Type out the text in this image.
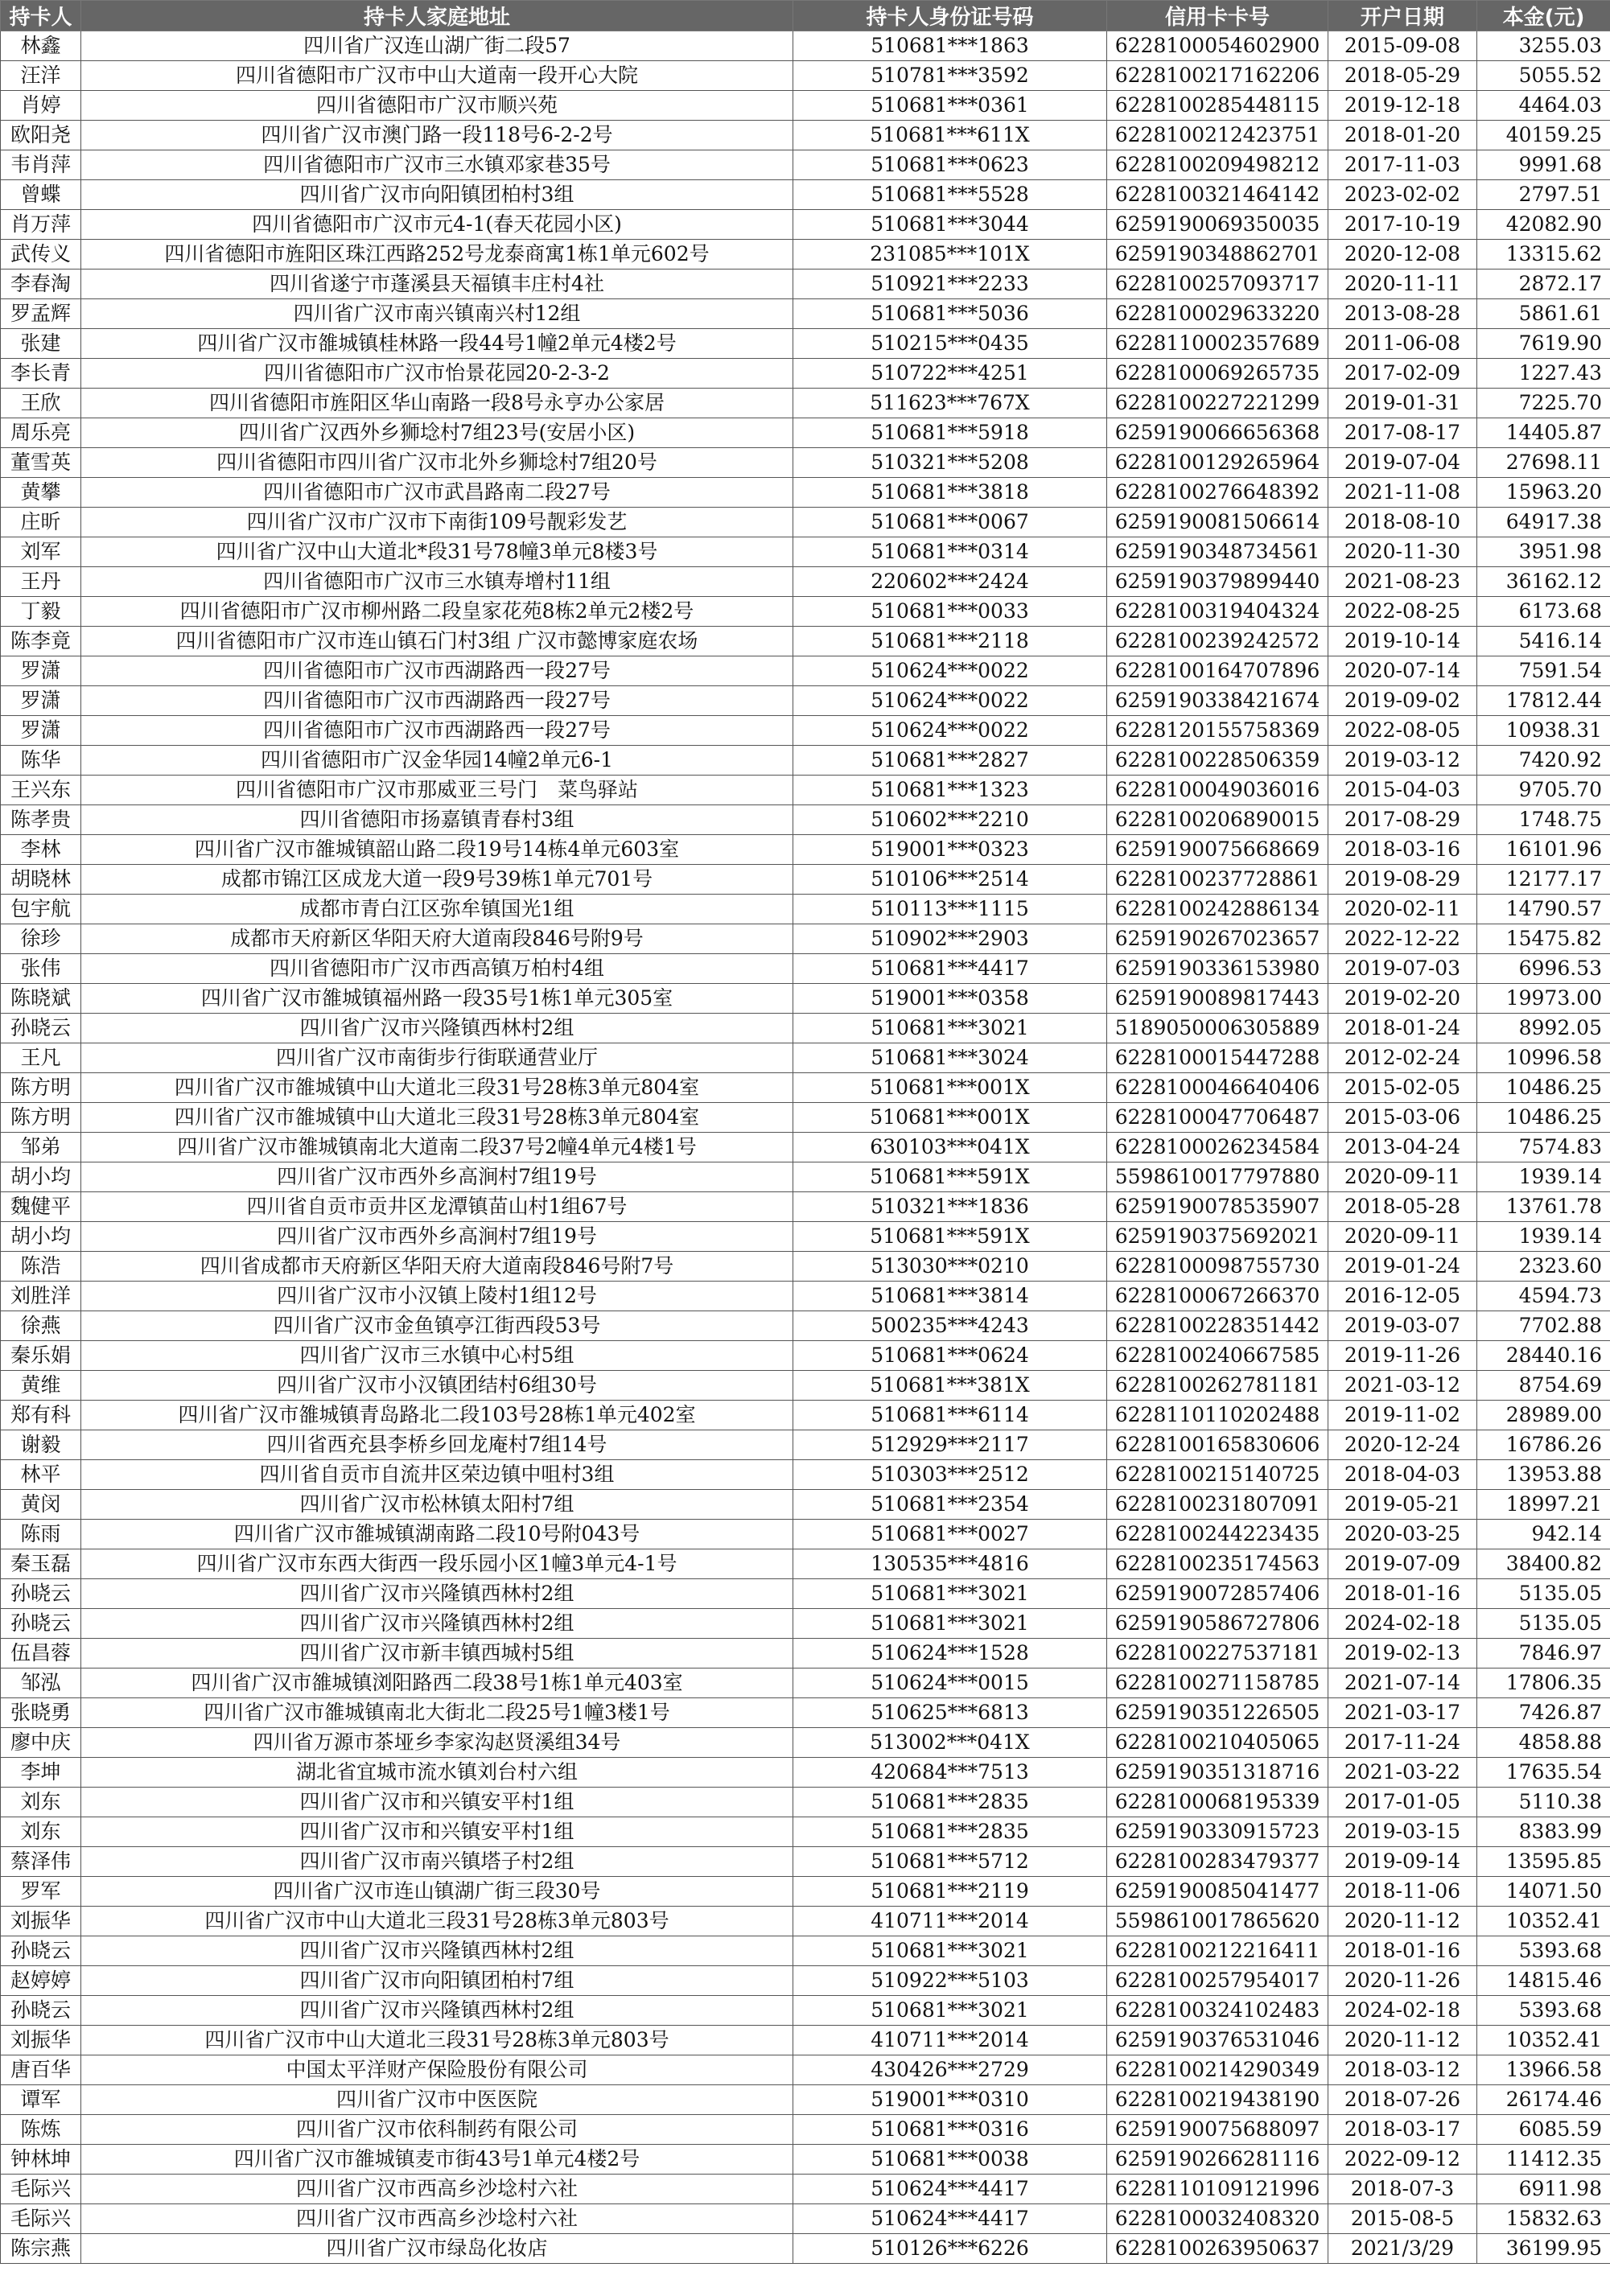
持卡人	持卡人家庭地址	持卡人身份证号码	信用卡卡号	开户日期	本金(元)
林鑫	四川省广汉连山湖广街二段57	510681***1863	6228100054602900	2015-09-08	3255.03
汪洋	四川省德阳市广汉市中山大道南一段开心大院	510781***3592	6228100217162206	2018-05-29	5055.52
肖婷	四川省德阳市广汉市顺兴苑	510681***0361	6228100285448115	2019-12-18	4464.03
欧阳尧	四川省广汉市澳门路一段118号6-2-2号	510681***611X	6228100212423751	2018-01-20	40159.25
韦肖萍	四川省德阳市广汉市三水镇邓家巷35号	510681***0623	6228100209498212	2017-11-03	9991.68
曾蝶	四川省广汉市向阳镇团柏村3组	510681***5528	6228100321464142	2023-02-02	2797.51
肖万萍	四川省德阳市广汉市元4-1(春天花园小区)	510681***3044	6259190069350035	2017-10-19	42082.90
武传义	四川省德阳市旌阳区珠江西路252号龙泰商寓1栋1单元602号	231085***101X	6259190348862701	2020-12-08	13315.62
李春淘	四川省遂宁市蓬溪县天福镇丰庄村4社	510921***2233	6228100257093717	2020-11-11	2872.17
罗孟辉	四川省广汉市南兴镇南兴村12组	510681***5036	6228100029633220	2013-08-28	5861.61
张建	四川省广汉市雒城镇桂林路一段44号1幢2单元4楼2号	510215***0435	6228110002357689	2011-06-08	7619.90
李长青	四川省德阳市广汉市怡景花园20-2-3-2	510722***4251	6228100069265735	2017-02-09	1227.43
王欣	四川省德阳市旌阳区华山南路一段8号永亨办公家居	511623***767X	6228100227221299	2019-01-31	7225.70
周乐亮	四川省广汉西外乡狮埝村7组23号(安居小区)	510681***5918	6259190066656368	2017-08-17	14405.87
董雪英	四川省德阳市四川省广汉市北外乡狮埝村7组20号	510321***5208	6228100129265964	2019-07-04	27698.11
黄攀	四川省德阳市广汉市武昌路南二段27号	510681***3818	6228100276648392	2021-11-08	15963.20
庄昕	四川省广汉市广汉市下南街109号靓彩发艺	510681***0067	6259190081506614	2018-08-10	64917.38
刘军	四川省广汉中山大道北*段31号78幢3单元8楼3号	510681***0314	6259190348734561	2020-11-30	3951.98
王丹	四川省德阳市广汉市三水镇寿增村11组	220602***2424	6259190379899440	2021-08-23	36162.12
丁毅	四川省德阳市广汉市柳州路二段皇家花苑8栋2单元2楼2号	510681***0033	6228100319404324	2022-08-25	6173.68
陈李竟	四川省德阳市广汉市连山镇石门村3组 广汉市懿博家庭农场	510681***2118	6228100239242572	2019-10-14	5416.14
罗潇	四川省德阳市广汉市西湖路西一段27号	510624***0022	6228100164707896	2020-07-14	7591.54
罗潇	四川省德阳市广汉市西湖路西一段27号	510624***0022	6259190338421674	2019-09-02	17812.44
罗潇	四川省德阳市广汉市西湖路西一段27号	510624***0022	6228120155758369	2022-08-05	10938.31
陈华	四川省德阳市广汉金华园14幢2单元6-1	510681***2827	6228100228506359	2019-03-12	7420.92
王兴东	四川省德阳市广汉市那威亚三号门　菜鸟驿站	510681***1323	6228100049036016	2015-04-03	9705.70
陈孝贵	四川省德阳市扬嘉镇青春村3组	510602***2210	6228100206890015	2017-08-29	1748.75
李林	四川省广汉市雒城镇韶山路二段19号14栋4单元603室	519001***0323	6259190075668669	2018-03-16	16101.96
胡晓林	成都市锦江区成龙大道一段9号39栋1单元701号	510106***2514	6228100237728861	2019-08-29	12177.17
包宇航	成都市青白江区弥牟镇国光1组	510113***1115	6228100242886134	2020-02-11	14790.57
徐珍	成都市天府新区华阳天府大道南段846号附9号	510902***2903	6259190267023657	2022-12-22	15475.82
张伟	四川省德阳市广汉市西高镇万柏村4组	510681***4417	6259190336153980	2019-07-03	6996.53
陈晓斌	四川省广汉市雒城镇福州路一段35号1栋1单元305室	519001***0358	6259190089817443	2019-02-20	19973.00
孙晓云	四川省广汉市兴隆镇西林村2组	510681***3021	5189050006305889	2018-01-24	8992.05
王凡	四川省广汉市南街步行街联通营业厅	510681***3024	6228100015447288	2012-02-24	10996.58
陈方明	四川省广汉市雒城镇中山大道北三段31号28栋3单元804室	510681***001X	6228100046640406	2015-02-05	10486.25
陈方明	四川省广汉市雒城镇中山大道北三段31号28栋3单元804室	510681***001X	6228100047706487	2015-03-06	10486.25
邹弟	四川省广汉市雒城镇南北大道南二段37号2幢4单元4楼1号	630103***041X	6228100026234584	2013-04-24	7574.83
胡小均	四川省广汉市西外乡高涧村7组19号	510681***591X	5598610017797880	2020-09-11	1939.14
魏健平	四川省自贡市贡井区龙潭镇苗山村1组67号	510321***1836	6259190078535907	2018-05-28	13761.78
胡小均	四川省广汉市西外乡高涧村7组19号	510681***591X	6259190375692021	2020-09-11	1939.14
陈浩	四川省成都市天府新区华阳天府大道南段846号附7号	513030***0210	6228100098755730	2019-01-24	2323.60
刘胜洋	四川省广汉市小汉镇上陵村1组12号	510681***3814	6228100067266370	2016-12-05	4594.73
徐燕	四川省广汉市金鱼镇亭江街西段53号	500235***4243	6228100228351442	2019-03-07	7702.88
秦乐娟	四川省广汉市三水镇中心村5组	510681***0624	6228100240667585	2019-11-26	28440.16
黄维	四川省广汉市小汉镇团结村6组30号	510681***381X	6228100262781181	2021-03-12	8754.69
郑有科	四川省广汉市雒城镇青岛路北二段103号28栋1单元402室	510681***6114	6228110110202488	2019-11-02	28989.00
谢毅	四川省西充县李桥乡回龙庵村7组14号	512929***2117	6228100165830606	2020-12-24	16786.26
林平	四川省自贡市自流井区荣边镇中咀村3组	510303***2512	6228100215140725	2018-04-03	13953.88
黄闵	四川省广汉市松林镇太阳村7组	510681***2354	6228100231807091	2019-05-21	18997.21
陈雨	四川省广汉市雒城镇湖南路二段10号附043号	510681***0027	6228100244223435	2020-03-25	942.14
秦玉磊	四川省广汉市东西大街西一段乐园小区1幢3单元4-1号	130535***4816	6228100235174563	2019-07-09	38400.82
孙晓云	四川省广汉市兴隆镇西林村2组	510681***3021	6259190072857406	2018-01-16	5135.05
孙晓云	四川省广汉市兴隆镇西林村2组	510681***3021	6259190586727806	2024-02-18	5135.05
伍昌蓉	四川省广汉市新丰镇西城村5组	510624***1528	6228100227537181	2019-02-13	7846.97
邹泓	四川省广汉市雒城镇浏阳路西二段38号1栋1单元403室	510624***0015	6228100271158785	2021-07-14	17806.35
张晓勇	四川省广汉市雒城镇南北大街北二段25号1幢3楼1号	510625***6813	6259190351226505	2021-03-17	7426.87
廖中庆	四川省万源市茶垭乡李家沟赵贤溪组34号	513002***041X	6228100210405065	2017-11-24	4858.88
李坤	湖北省宜城市流水镇刘台村六组	420684***7513	6259190351318716	2021-03-22	17635.54
刘东	四川省广汉市和兴镇安平村1组	510681***2835	6228100068195339	2017-01-05	5110.38
刘东	四川省广汉市和兴镇安平村1组	510681***2835	6259190330915723	2019-03-15	8383.99
蔡泽伟	四川省广汉市南兴镇塔子村2组	510681***5712	6228100283479377	2019-09-14	13595.85
罗军	四川省广汉市连山镇湖广街三段30号	510681***2119	6259190085041477	2018-11-06	14071.50
刘振华	四川省广汉市中山大道北三段31号28栋3单元803号	410711***2014	5598610017865620	2020-11-12	10352.41
孙晓云	四川省广汉市兴隆镇西林村2组	510681***3021	6228100212216411	2018-01-16	5393.68
赵婷婷	四川省广汉市向阳镇团柏村7组	510922***5103	6228100257954017	2020-11-26	14815.46
孙晓云	四川省广汉市兴隆镇西林村2组	510681***3021	6228100324102483	2024-02-18	5393.68
刘振华	四川省广汉市中山大道北三段31号28栋3单元803号	410711***2014	6259190376531046	2020-11-12	10352.41
唐百华	中国太平洋财产保险股份有限公司	430426***2729	6228100214290349	2018-03-12	13966.58
谭军	四川省广汉市中医医院	519001***0310	6228100219438190	2018-07-26	26174.46
陈炼	四川省广汉市依科制药有限公司	510681***0316	6259190075688097	2018-03-17	6085.59
钟林坤	四川省广汉市雒城镇麦市街43号1单元4楼2号	510681***0038	6259190266281116	2022-09-12	11412.35
毛际兴	四川省广汉市西高乡沙埝村六社	510624***4417	6228110109121996	2018-07-3	6911.98
毛际兴	四川省广汉市西高乡沙埝村六社	510624***4417	6228100032408320	2015-08-5	15832.63
陈宗燕	四川省广汉市绿岛化妆店	510126***6226	6228100263950637	2021/3/29	36199.95
